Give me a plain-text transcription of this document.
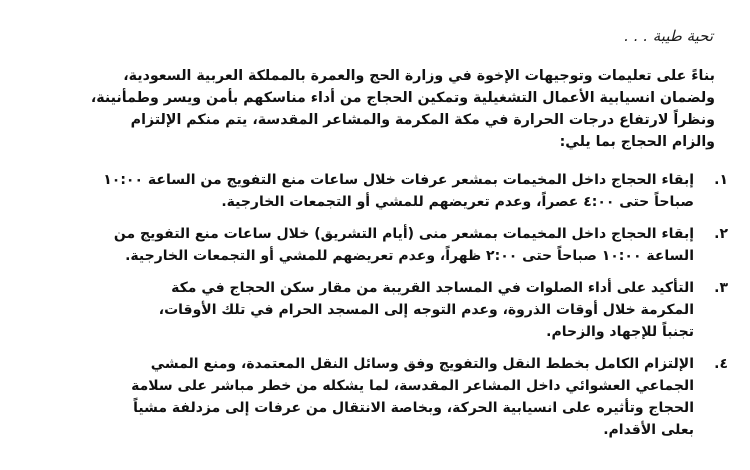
تحية طيبة . . .
بناءً على تعليمات وتوجيهات الإخوة في وزارة الحج والعمرة بالمملكة العربية السعودية،
ولضمان انسيابية الأعمال التشغيلية وتمكين الحجاج من أداء مناسكهم بأمن ويسر وطمأنينة،
ونظراً لارتفاع درجات الحرارة في مكة المكرمة والمشاعر المقدسة، يتم منكم الإلتزام
والزام الحجاج بما يلي:
١.
إبقاء الحجاج داخل المخيمات بمشعر عرفات خلال ساعات منع التفويج من الساعة ١٠:٠٠
صباحاً حتى ٤:٠٠ عصراً، وعدم تعريضهم للمشي أو التجمعات الخارجية.
٢.
إبقاء الحجاج داخل المخيمات بمشعر منى (أيام التشريق) خلال ساعات منع التفويج من
الساعة ١٠:٠٠ صباحاً حتى ٢:٠٠ ظهراً، وعدم تعريضهم للمشي أو التجمعات الخارجية.
٣.
التأكيد على أداء الصلوات في المساجد القريبة من مقار سكن الحجاج في مكة
المكرمة خلال أوقات الذروة، وعدم التوجه إلى المسجد الحرام في تلك الأوقات،
تجنباً للإجهاد والزحام.
٤.
الإلتزام الكامل بخطط النقل والتفويج وفق وسائل النقل المعتمدة، ومنع المشي
الجماعي العشوائي داخل المشاعر المقدسة، لما يشكله من خطر مباشر على سلامة
الحجاج وتأثيره على انسيابية الحركة، وبخاصة الانتقال من عرفات إلى مزدلفة مشياً
بعلى الأقدام.
